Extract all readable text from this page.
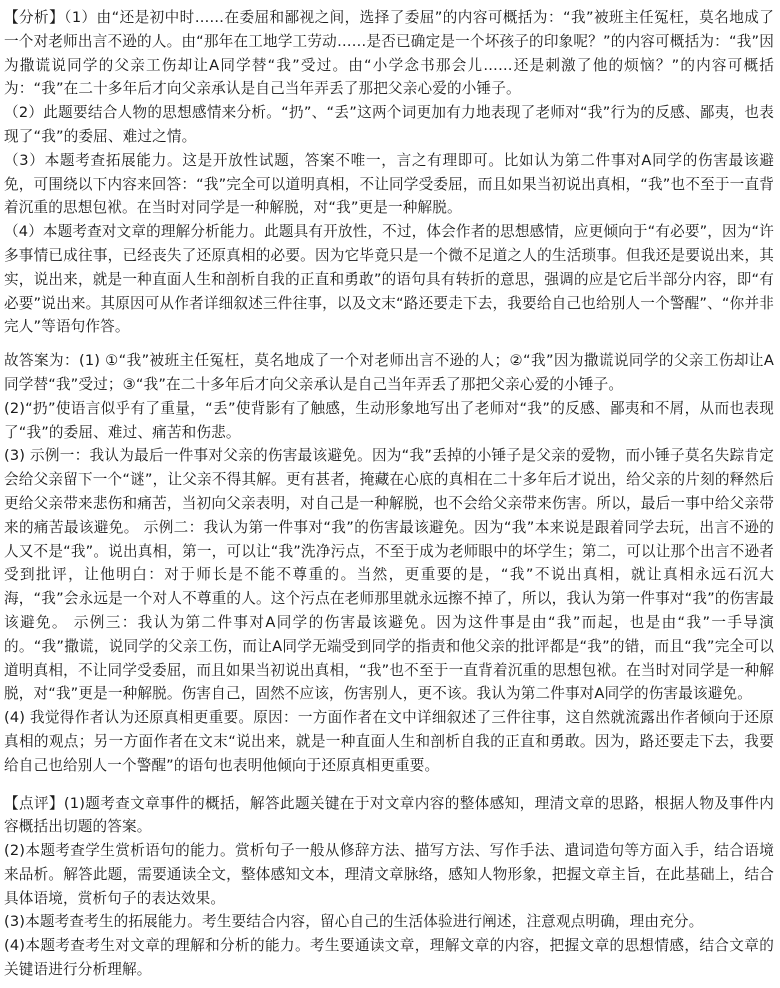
【分析】（1）由“还是初中时……在委屈和鄙视之间，选择了委屈”的内容可概括为：“我”被班主任冤枉，莫名地成了一个对老师出言不逊的人。由“那年在工地学工劳动……是否已确定是一个坏孩子的印象呢？”的内容可概括为：“我”因为撒谎说同学的父亲工伤却让A同学替“我”受过。由“小学念书那会儿……还是刺激了他的烦恼？”的内容可概括为：“我”在二十多年后才向父亲承认是自己当年弄丢了那把父亲心爱的小锤子。

（2）此题要结合人物的思想感情来分析。“扔”、“丢”这两个词更加有力地表现了老师对“我”行为的反感、鄙夷，也表现了“我”的委屈、难过之情。

（3）本题考查拓展能力。这是开放性试题，答案不唯一，言之有理即可。比如认为第二件事对A同学的伤害最该避免，可围绕以下内容来回答：“我”完全可以道明真相，不让同学受委屈，而且如果当初说出真相，“我”也不至于一直背着沉重的思想包袱。在当时对同学是一种解脱，对“我”更是一种解脱。

（4）本题考查对文章的理解分析能力。此题具有开放性，不过，体会作者的思想感情，应更倾向于“有必要”，因为“许多事情已成往事，已经丧失了还原真相的必要。因为它毕竟只是一个微不足道之人的生活琐事。但我还是要说出来，其实，说出来，就是一种直面人生和剖析自我的正直和勇敢”的语句具有转折的意思，强调的应是它后半部分内容，即“有必要”说出来。其原因可从作者详细叙述三件往事，以及文末“路还要走下去，我要给自己也给别人一个警醒”、“你并非完人”等语句作答。

故答案为：(1) ①“我”被班主任冤枉，莫名地成了一个对老师出言不逊的人；②“我”因为撒谎说同学的父亲工伤却让A同学替“我”受过；③“我”在二十多年后才向父亲承认是自己当年弄丢了那把父亲心爱的小锤子。

(2)“扔”使语言似乎有了重量，“丢”使背影有了触感，生动形象地写出了老师对“我”的反感、鄙夷和不屑，从而也表现了“我”的委屈、难过、痛苦和伤悲。

(3) 示例一：我认为最后一件事对父亲的伤害最该避免。因为“我”丢掉的小锤子是父亲的爱物，而小锤子莫名失踪肯定会给父亲留下一个“谜”，让父亲不得其解。更有甚者，掩藏在心底的真相在二十多年后才说出，给父亲的片刻的释然后更给父亲带来悲伤和痛苦，当初向父亲表明，对自己是一种解脱，也不会给父亲带来伤害。所以，最后一事中给父亲带来的痛苦最该避免。 示例二：我认为第一件事对“我”的伤害最该避免。因为“我”本来说是跟着同学去玩，出言不逊的人又不是“我”。说出真相，第一，可以让“我”洗净污点，不至于成为老师眼中的坏学生；第二，可以让那个出言不逊者受到批评，让他明白：对于师长是不能不尊重的。当然，更重要的是，“我”不说出真相，就让真相永远石沉大海，“我”会永远是一个对人不尊重的人。这个污点在老师那里就永远擦不掉了，所以，我认为第一件事对“我”的伤害最该避免。 示例三：我认为第二件事对A同学的伤害最该避免。因为这件事是由“我”而起，也是由“我”一手导演的。“我”撒谎，说同学的父亲工伤，而让A同学无端受到同学的指责和他父亲的批评都是“我”的错，而且“我”完全可以道明真相，不让同学受委屈，而且如果当初说出真相，“我”也不至于一直背着沉重的思想包袱。在当时对同学是一种解脱，对“我”更是一种解脱。伤害自己，固然不应该，伤害别人，更不该。我认为第二件事对A同学的伤害最该避免。

(4) 我觉得作者认为还原真相更重要。原因：一方面作者在文中详细叙述了三件往事，这自然就流露出作者倾向于还原真相的观点；另一方面作者在文末“说出来，就是一种直面人生和剖析自我的正直和勇敢。因为，路还要走下去，我要给自己也给别人一个警醒”的语句也表明他倾向于还原真相更重要。

【点评】(1)题考查文章事件的概括，解答此题关键在于对文章内容的整体感知，理清文章的思路，根据人物及事件内容概括出切题的答案。

(2)本题考查学生赏析语句的能力。赏析句子一般从修辞方法、描写方法、写作手法、遣词造句等方面入手，结合语境来品析。解答此题，需要通读全文，整体感知文本，理清文章脉络，感知人物形象，把握文章主旨，在此基础上，结合具体语境，赏析句子的表达效果。

(3)本题考查考生的拓展能力。考生要结合内容，留心自己的生活体验进行阐述，注意观点明确，理由充分。

(4)本题考查考生对文章的理解和分析的能力。考生要通读文章，理解文章的内容，把握文章的思想情感，结合文章的关键语进行分析理解。
